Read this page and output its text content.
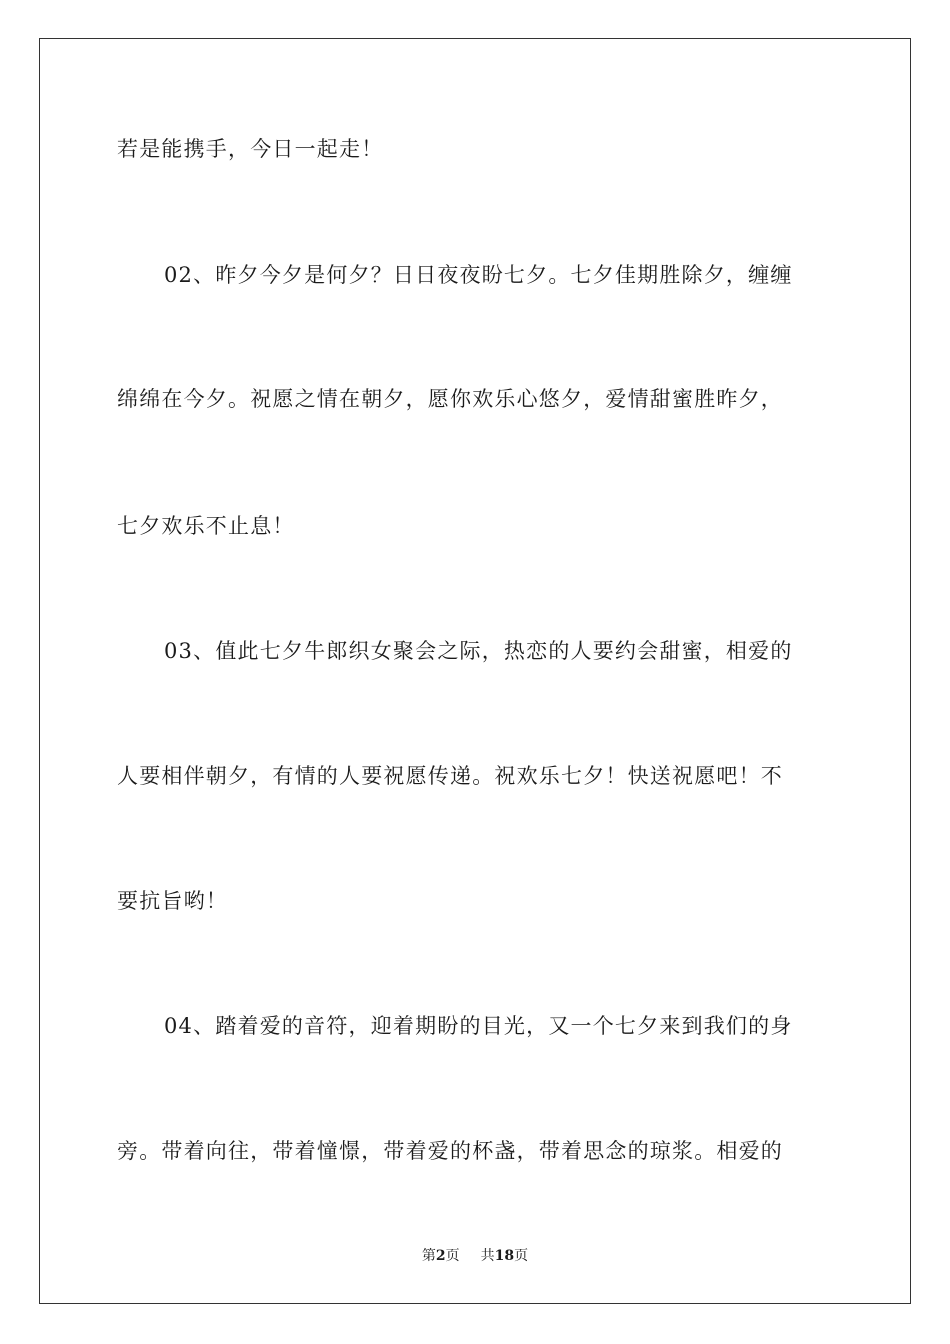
若是能携手，今日一起走！
02、昨夕今夕是何夕？日日夜夜盼七夕。七夕佳期胜除夕，缠缠
绵绵在今夕。祝愿之情在朝夕，愿你欢乐心悠夕，爱情甜蜜胜昨夕，
七夕欢乐不止息！
03、值此七夕牛郎织女聚会之际，热恋的人要约会甜蜜，相爱的
人要相伴朝夕，有情的人要祝愿传递。祝欢乐七夕！快送祝愿吧！不
要抗旨哟！
04、踏着爱的音符，迎着期盼的目光，又一个七夕来到我们的身
旁。带着向往，带着憧憬，带着爱的杯盏，带着思念的琼浆。相爱的
第2页 共18页
